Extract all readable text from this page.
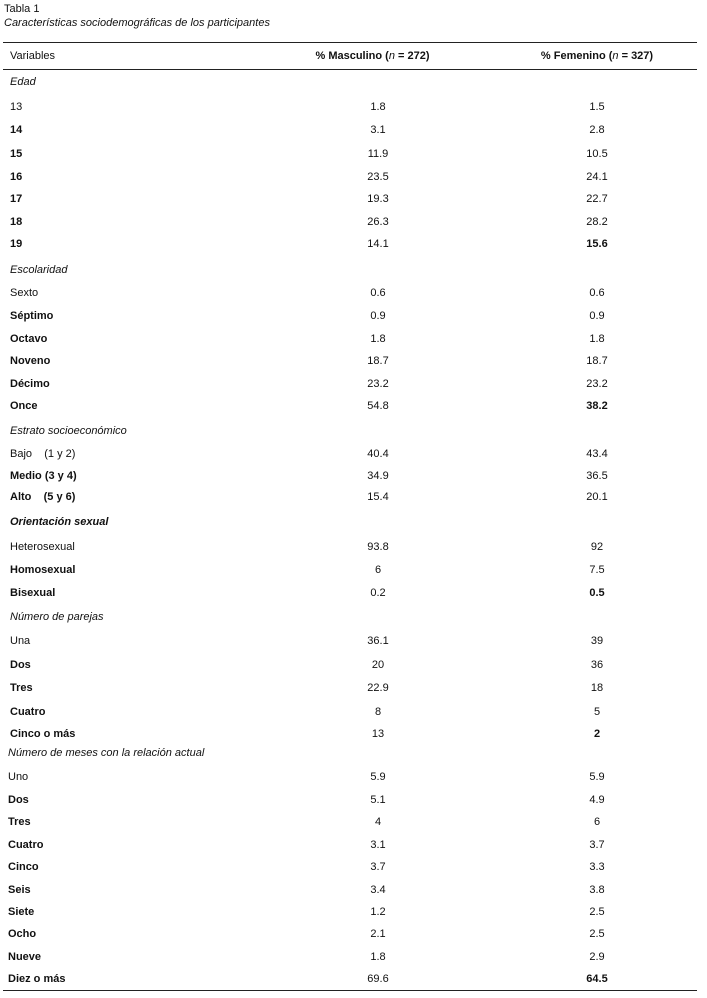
Tabla 1
Características sociodemográficas de los participantes
Variables	% Masculino (n = 272)	% Femenino (n = 327)
Edad
13	1.8	1.5
14	3.1	2.8
15	11.9	10.5
16	23.5	24.1
17	19.3	22.7
18	26.3	28.2
19	14.1	15.6
Escolaridad
Sexto	0.6	0.6
Séptimo	0.9	0.9
Octavo	1.8	1.8
Noveno	18.7	18.7
Décimo	23.2	23.2
Once	54.8	38.2
Estrato socioeconómico
Bajo    (1 y 2)	40.4	43.4
Medio (3 y 4)	34.9	36.5
Alto    (5 y 6)	15.4	20.1
Orientación sexual
Heterosexual	93.8	92
Homosexual	6	7.5
Bisexual	0.2	0.5
Número de parejas
Una	36.1	39
Dos	20	36
Tres	22.9	18
Cuatro	8	5
Cinco o más	13	2
Número de meses con la relación actual
Uno	5.9	5.9
Dos	5.1	4.9
Tres	4	6
Cuatro	3.1	3.7
Cinco	3.7	3.3
Seis	3.4	3.8
Siete	1.2	2.5
Ocho	2.1	2.5
Nueve	1.8	2.9
Diez o más	69.6	64.5
